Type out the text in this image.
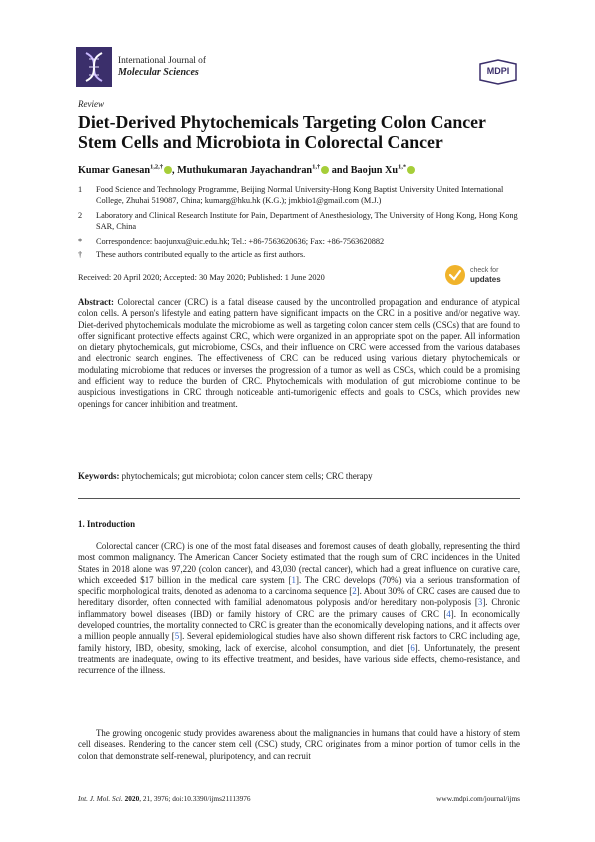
International Journal of
Molecular Sciences	MDPI
Review
Diet-Derived Phytochemicals Targeting Colon Cancer Stem Cells and Microbiota in Colorectal Cancer
Kumar Ganesan$^{1,2,\dagger}$ , Muthukumaran Jayachandran$^{1,\dagger}$ and Baojun $Xu^{1,*}$
1 Food Science and Technology Programme, Beijing Normal University-Hong Kong Baptist University United International College, Zhuhai 519087, China; kumarg@hku.hk (K.G.); jmkbio1@gmail.com (M.J.)
2 Laboratory and Clinical Research Institute for Pain, Department of Anesthesiology, The University of Hong Kong, Hong Kong SAR, China
* Correspondence: baojunxu@uic.edu.hk; Tel.: +86-7563620636; Fax: +86-7563620882
† These authors contributed equally to the article as first authors.
Received: 20 April 2020; Accepted: 30 May 2020; Published: 1 June 2020
check for
updates
Abstract: Colorectal cancer (CRC) is a fatal disease caused by the uncontrolled propagation and endurance of atypical colon cells. A person's lifestyle and eating pattern have significant impacts on the CRC in a positive and/or negative way. Diet-derived phytochemicals modulate the microbiome as well as targeting colon cancer stem cells (CSCs) that are found to offer significant protective effects against CRC, which were organized in an appropriate spot on the paper. All information on dietary phytochemicals, gut microbiome, CSCs, and their influence on CRC were accessed from the various databases and electronic search engines. The effectiveness of CRC can be reduced using various dietary phytochemicals or modulating microbiome that reduces or inverses the progression of a tumor as well as CSCs, which could be a promising and efficient way to reduce the burden of CRC. Phytochemicals with modulation of gut microbiome continue to be auspicious investigations in CRC through noticeable anti-tumorigenic effects and goals to CSCs, which provides new openings for cancer inhibition and treatment.
Keywords: phytochemicals; gut microbiota; colon cancer stem cells; CRC therapy
1. Introduction
Colorectal cancer (CRC) is one of the most fatal diseases and foremost causes of death globally, representing the third most common malignancy. The American Cancer Society estimated that the rough sum of CRC incidences in the United States in 2018 alone was 97,220 (colon cancer), and 43,030 (rectal cancer), which had a great influence on curative care, which exceeded $17 billion in the medical care system [1]. The CRC develops (70%) via a serious transformation of specific morphological traits, denoted as adenoma to a carcinoma sequence [2]. About 30% of CRC cases are caused due to hereditary disorder, often connected with familial adenomatous polyposis and/or hereditary non-polyposis [3]. Chronic inflammatory bowel diseases (IBD) or family history of CRC are the primary causes of CRC [4]. In economically developed countries, the mortality connected to CRC is greater than the economically developing nations, and it affects over a million people annually [5]. Several epidemiological studies have also shown different risk factors to CRC including age, family history, IBD, obesity, smoking, lack of exercise, alcohol consumption, and diet [6]. Unfortunately, the present treatments are inadequate, owing to its effective treatment, and besides, have various side effects, chemo-resistance, and recurrence of the illness.
The growing oncogenic study provides awareness about the malignancies in humans that could have a history of stem cell diseases. Rendering to the cancer stem cell (CSC) study, CRC originates from a minor portion of tumor cells in the colon that demonstrate self-renewal, pluripotency, and can recruit
Int. J. Mol. Sci. 2020, 21, 3976; doi:10.3390/ijms21113976	www.mdpi.com/journal/ijms
